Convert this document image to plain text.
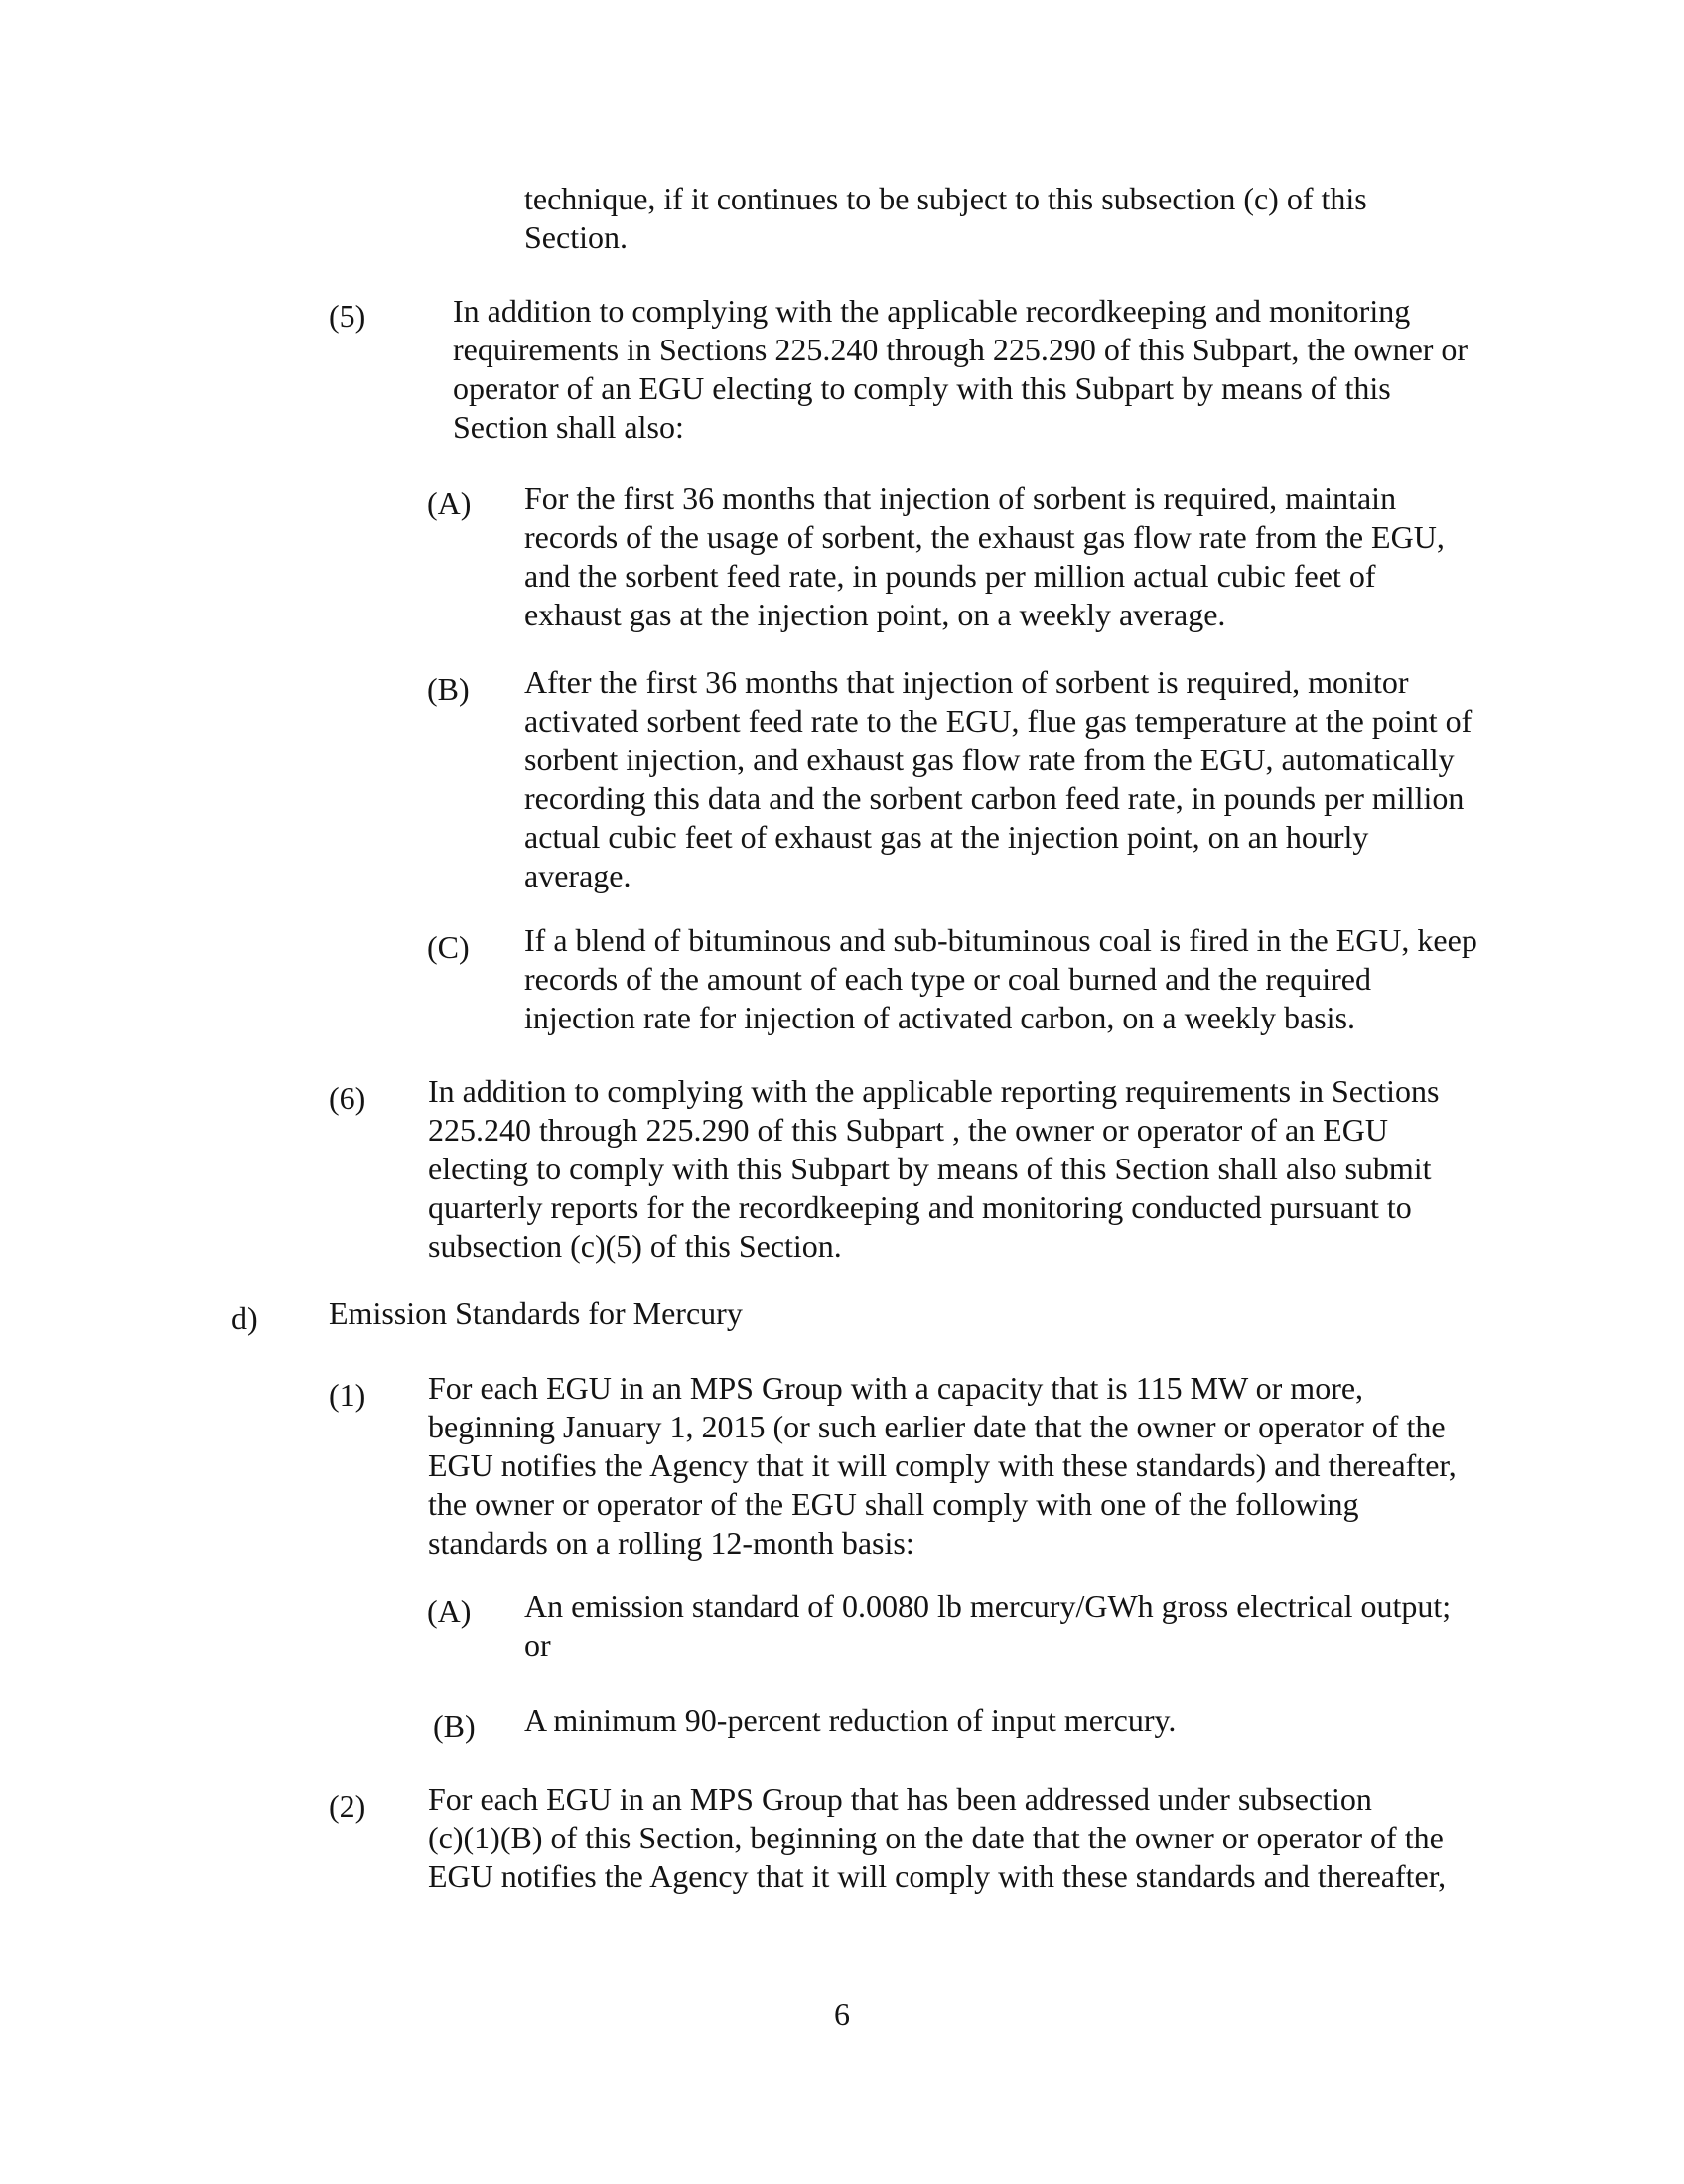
technique, if it continues to be subject to this subsection (c) of this
Section.
(5)	In addition to complying with the applicable recordkeeping and monitoring
requirements in Sections 225.240 through 225.290 of this Subpart, the owner or
operator of an EGU electing to comply with this Subpart by means of this
Section shall also:
(A) For the first 36 months that injection of sorbent is required, maintain
records of the usage of sorbent, the exhaust gas flow rate from the EGU,
and the sorbent feed rate, in pounds per million actual cubic feet of
exhaust gas at the injection point, on a weekly average.
(B) After the first 36 months that injection of sorbent is required, monitor
activated sorbent feed rate to the EGU, flue gas temperature at the point of
sorbent injection, and exhaust gas flow rate from the EGU, automatically
recording this data and the sorbent carbon feed rate, in pounds per million
actual cubic feet of exhaust gas at the injection point, on an hourly
average.
(C) If a blend of bituminous and sub-bituminous coal is fired in the EGU, keep
records of the amount of each type or coal burned and the required
injection rate for injection of activated carbon, on a weekly basis.
(6) In addition to complying with the applicable reporting requirements in Sections
225.240 through 225.290 of this Subpart , the owner or operator of an EGU
electing to comply with this Subpart by means of this Section shall also submit
quarterly reports for the recordkeeping and monitoring conducted pursuant to
subsection (c)(5) of this Section.
d) Emission Standards for Mercury
(1) For each EGU in an MPS Group with a capacity that is 115 MW or more,
beginning January 1, 2015 (or such earlier date that the owner or operator of the
EGU notifies the Agency that it will comply with these standards) and thereafter,
the owner or operator of the EGU shall comply with one of the following
standards on a rolling 12-month basis:
(A) An emission standard of 0.0080 lb mercury/GWh gross electrical output;
or
(B) A minimum 90-percent reduction of input mercury.
(2) For each EGU in an MPS Group that has been addressed under subsection
(c)(1)(B) of this Section, beginning on the date that the owner or operator of the
EGU notifies the Agency that it will comply with these standards and thereafter,
6
